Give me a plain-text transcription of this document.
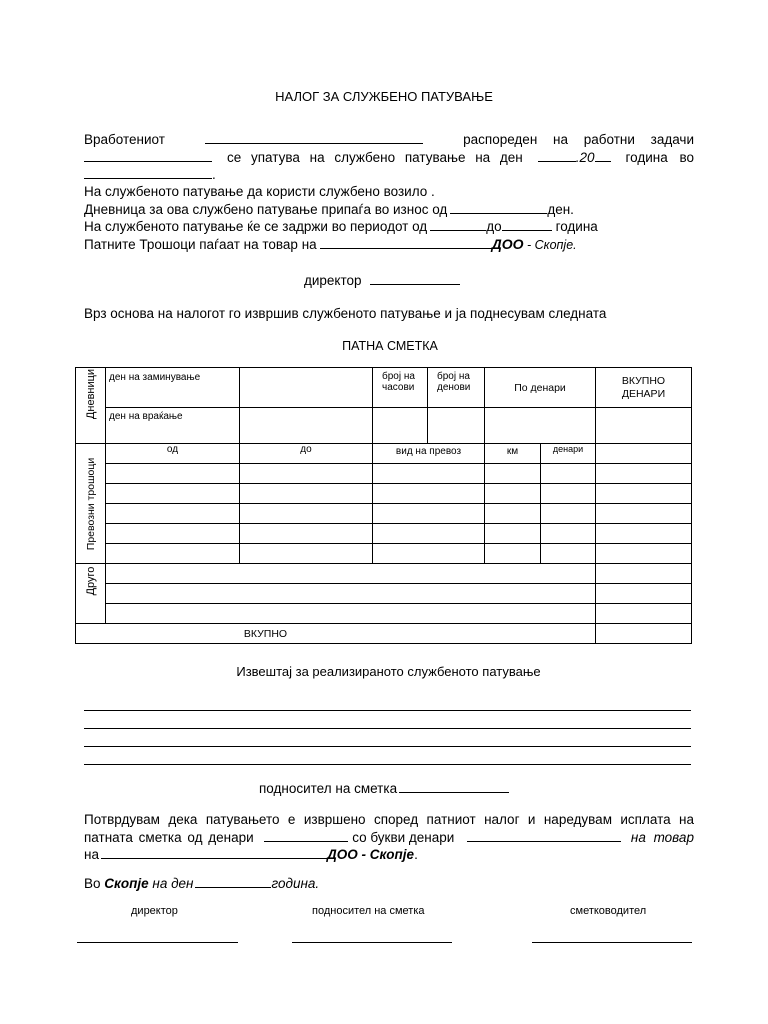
НАЛОГ ЗА СЛУЖБЕНО ПАТУВАЊЕ
Вработениот	распореден на работни задачи
се упатува на службено патување на ден	.20	година во
.
На службеното патување да користи службено возило .
Дневница за ова службено патување припаѓа во износ од	ден.
На службеното патување ќе се задржи во периодот од	до	година
Патните Трошоци паѓаат на товар на	ДОО - Скопје.
директор
Врз основа на налогот го извршив службеното патување и ја поднесувам следната
ПАТНА СМЕТКА
Дневници	ден на заминување		број на часови	број на денови	По денари		ВКУПНО ДЕНАРИ
	ден на враќање						

Превозни трошоци	од	до	вид на превоз		км	денари	

Друго							

ВКУПНО							
Извештај за реализираното службеното патување
подносител на сметка
Потврдувам дека патувањето е извршено според патниот налог и наредувам исплата на
патната сметка од денари	со букви денари	на товар
на	ДОО - Скопје.
Во Скопје на ден	година.
директор	подносител на сметка	сметководител
